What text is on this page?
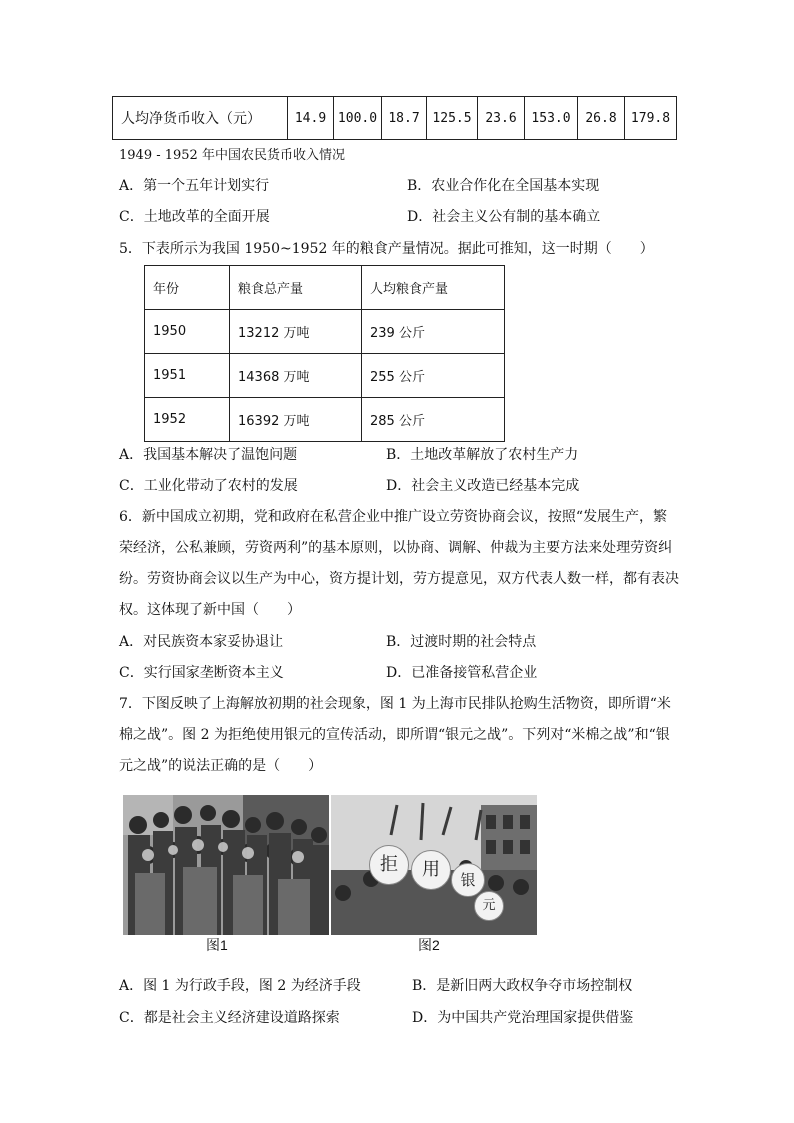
人均净货币收入（元）	14.9	100.0	18.7	125.5	23.6	153.0	26.8	179.8
1949 - 1952 年中国农民货币收入情况
A．第一个五年计划实行	B．农业合作化在全国基本实现
C．土地改革的全面开展	D．社会主义公有制的基本确立
5．下表所示为我国 1950~1952 年的粮食产量情况。据此可推知，这一时期（　　）
年份	粮食总产量	人均粮食产量
1950	13212 万吨	239 公斤
1951	14368 万吨	255 公斤
1952	16392 万吨	285 公斤
A．我国基本解决了温饱问题	B．土地改革解放了农村生产力
C．工业化带动了农村的发展	D．社会主义改造已经基本完成
6．新中国成立初期，党和政府在私营企业中推广设立劳资协商会议，按照“发展生产，繁
荣经济，公私兼顾，劳资两利”的基本原则，以协商、调解、仲裁为主要方法来处理劳资纠
纷。劳资协商会议以生产为中心，资方提计划，劳方提意见，双方代表人数一样，都有表决
权。这体现了新中国（　　）
A．对民族资本家妥协退让	B．过渡时期的社会特点
C．实行国家垄断资本主义	D．已准备接管私营企业
7．下图反映了上海解放初期的社会现象，图 1 为上海市民排队抢购生活物资，即所谓“米
棉之战”。图 2 为拒绝使用银元的宣传活动，即所谓“银元之战”。下列对“米棉之战”和“银
元之战”的说法正确的是（　　）
拒	用	银
元
图1	图2
A．图 1 为行政手段，图 2 为经济手段	B．是新旧两大政权争夺市场控制权
C．都是社会主义经济建设道路探索	D．为中国共产党治理国家提供借鉴
